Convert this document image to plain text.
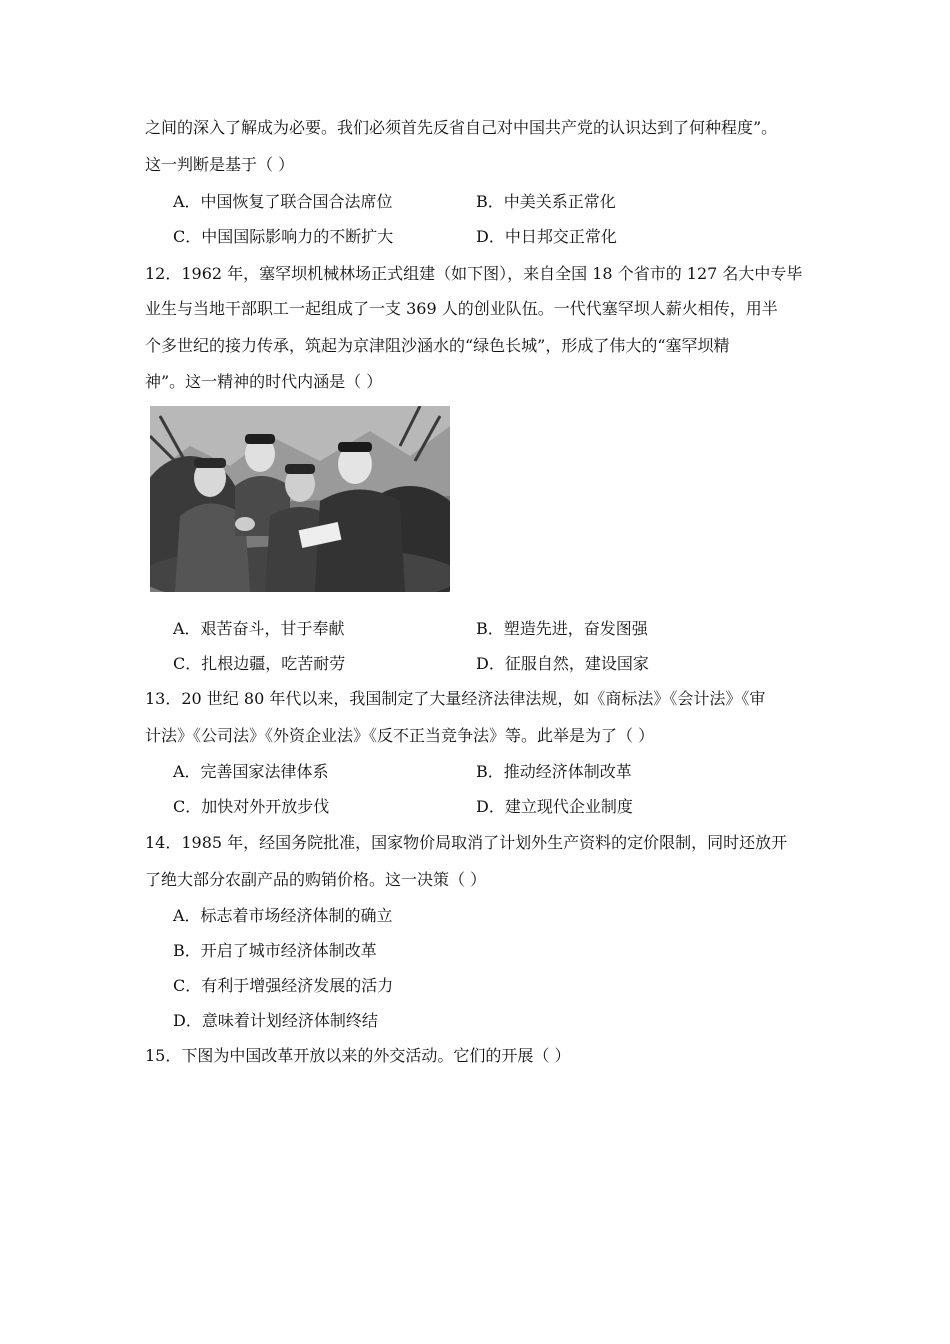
之间的深入了解成为必要。我们必须首先反省自己对中国共产党的认识达到了何种程度”。
这一判断是基于（ ）
A．中国恢复了联合国合法席位	B．中美关系正常化
C．中国国际影响力的不断扩大	D．中日邦交正常化
12．1962 年，塞罕坝机械林场正式组建（如下图），来自全国 18 个省市的 127 名大中专毕
业生与当地干部职工一起组成了一支 369 人的创业队伍。一代代塞罕坝人薪火相传，用半
个多世纪的接力传承，筑起为京津阻沙涵水的“绿色长城”，形成了伟大的“塞罕坝精
神”。这一精神的时代内涵是（ ）
A．艰苦奋斗，甘于奉献	B．塑造先进，奋发图强
C．扎根边疆，吃苦耐劳	D．征服自然，建设国家
13．20 世纪 80 年代以来，我国制定了大量经济法律法规，如《商标法》《会计法》《审
计法》《公司法》《外资企业法》《反不正当竞争法》等。此举是为了（ ）
A．完善国家法律体系	B．推动经济体制改革
C．加快对外开放步伐	D．建立现代企业制度
14．1985 年，经国务院批准，国家物价局取消了计划外生产资料的定价限制，同时还放开
了绝大部分农副产品的购销价格。这一决策（ ）
A．标志着市场经济体制的确立
B．开启了城市经济体制改革
C．有利于增强经济发展的活力
D．意味着计划经济体制终结
15．下图为中国改革开放以来的外交活动。它们的开展（ ）
